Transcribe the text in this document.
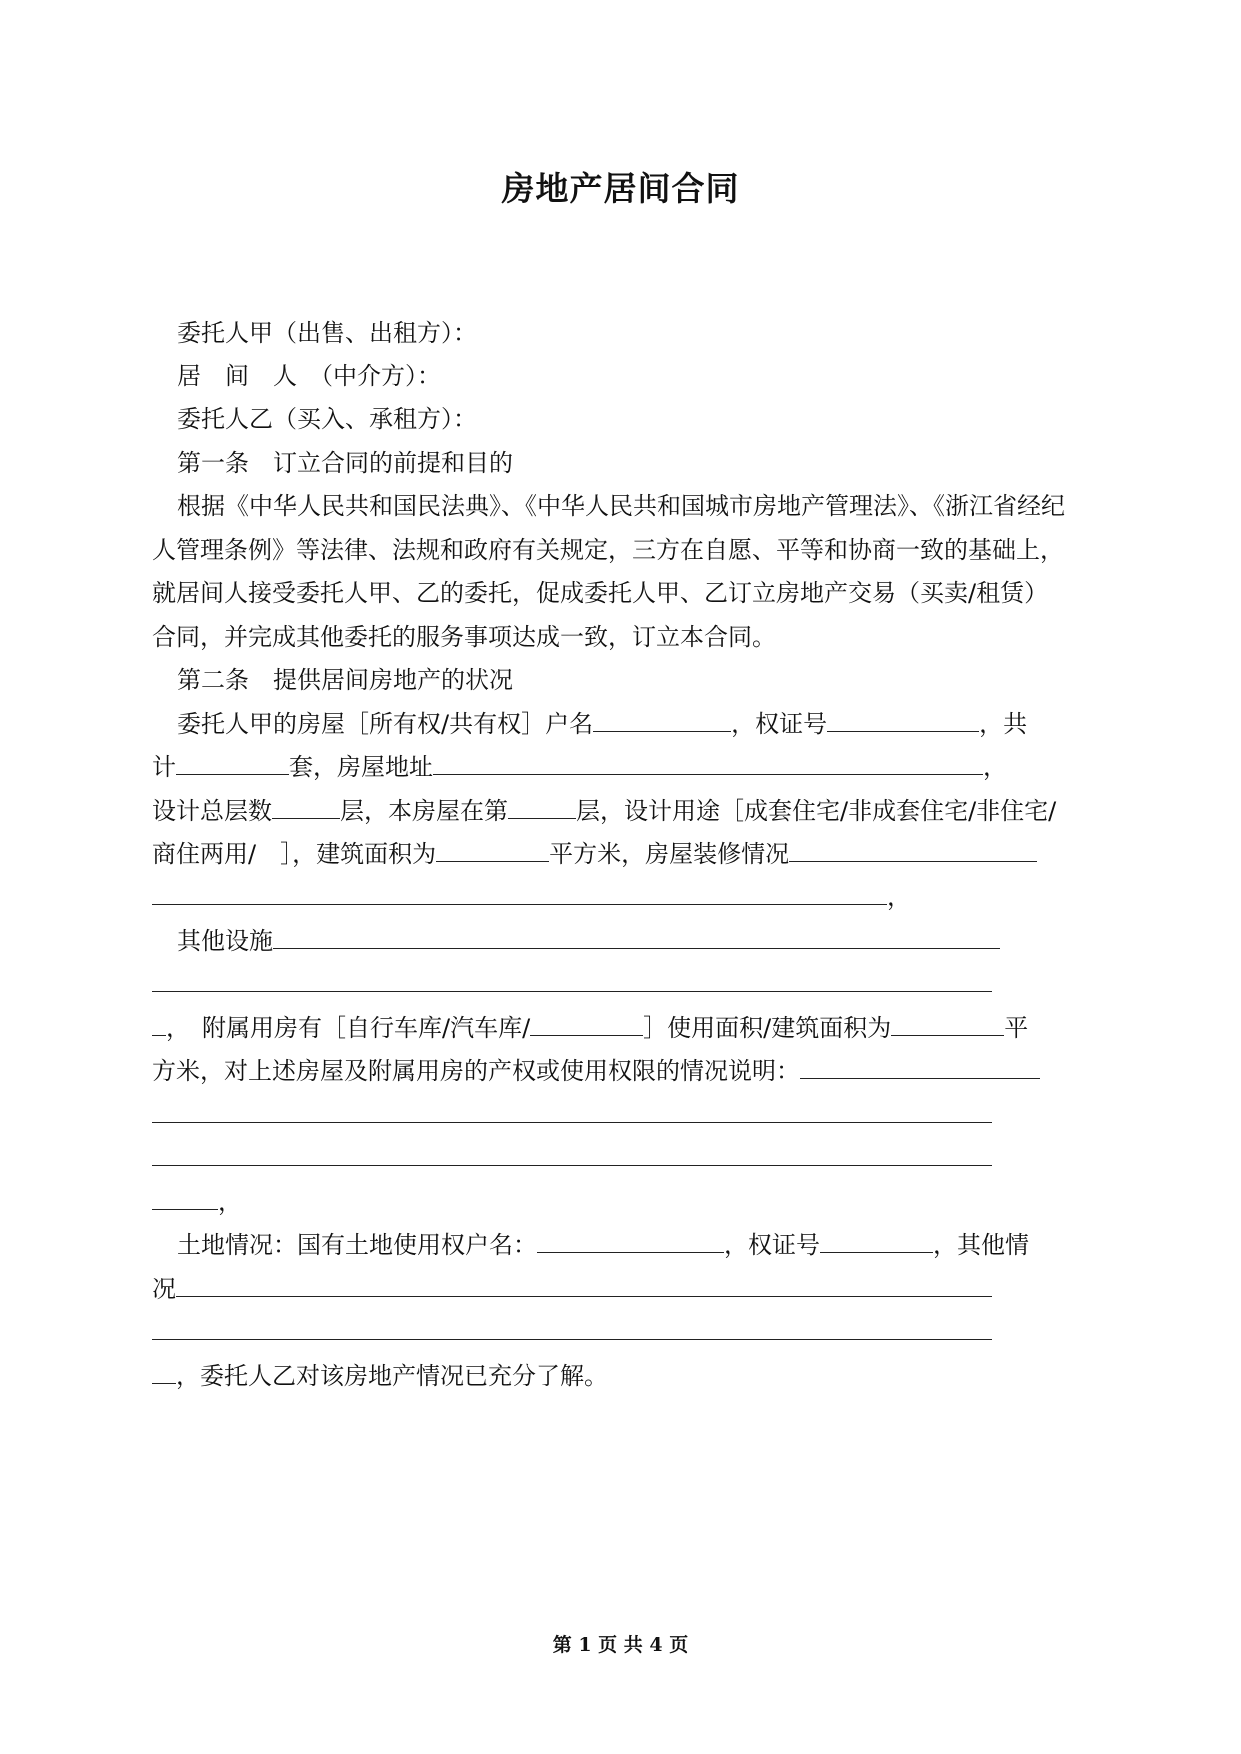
房地产居间合同
委托人甲（出售、出租方）：
居　间　人　（中介方）：
委托人乙（买入、承租方）：
第一条　订立合同的前提和目的
根据《中华人民共和国民法典》、《中华人民共和国城市房地产管理法》、《浙江省经纪
人管理条例》等法律、法规和政府有关规定，三方在自愿、平等和协商一致的基础上，
就居间人接受委托人甲、乙的委托，促成委托人甲、乙订立房地产交易（买卖/租赁）
合同，并完成其他委托的服务事项达成一致，订立本合同。
第二条　提供居间房地产的状况
委托人甲的房屋［所有权/共有权］户名	，权证号	，共
计	套，房屋地址	，
设计总层数	层，本房屋在第	层，设计用途［成套住宅/非成套住宅/非住宅/
商住两用/　］，建筑面积为	平方米，房屋装修情况
，
其他设施
，　附属用房有［自行车库/汽车库/	］使用面积/建筑面积为	平
方米，对上述房屋及附属用房的产权或使用权限的情况说明：
，
土地情况：国有土地使用权户名：	，权证号	，其他情
况
，委托人乙对该房地产情况已充分了解。
第 1 页 共 4 页
